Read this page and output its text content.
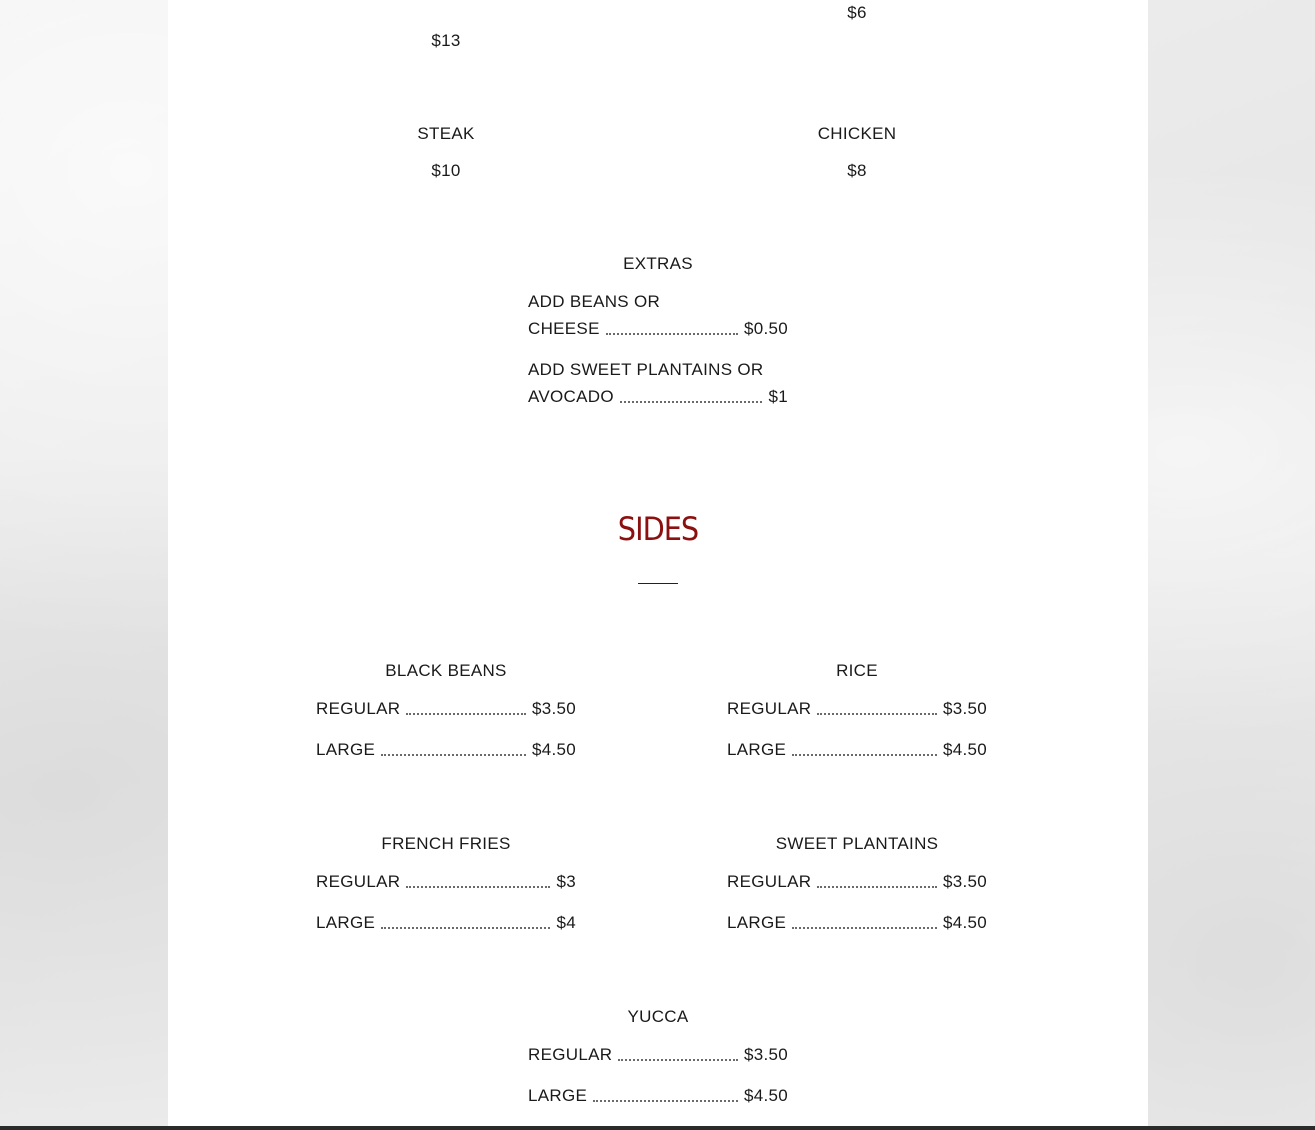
$13
$6
STEAK
$10
CHICKEN
$8
EXTRAS
ADD BEANS OR
CHEESE	$0.50
ADD SWEET PLANTAINS OR
AVOCADO	$1
SIDES
BLACK BEANS
REGULAR	$3.50
LARGE	$4.50
RICE
REGULAR	$3.50
LARGE	$4.50
FRENCH FRIES
REGULAR	$3
LARGE	$4
SWEET PLANTAINS
REGULAR	$3.50
LARGE	$4.50
YUCCA
REGULAR	$3.50
LARGE	$4.50
